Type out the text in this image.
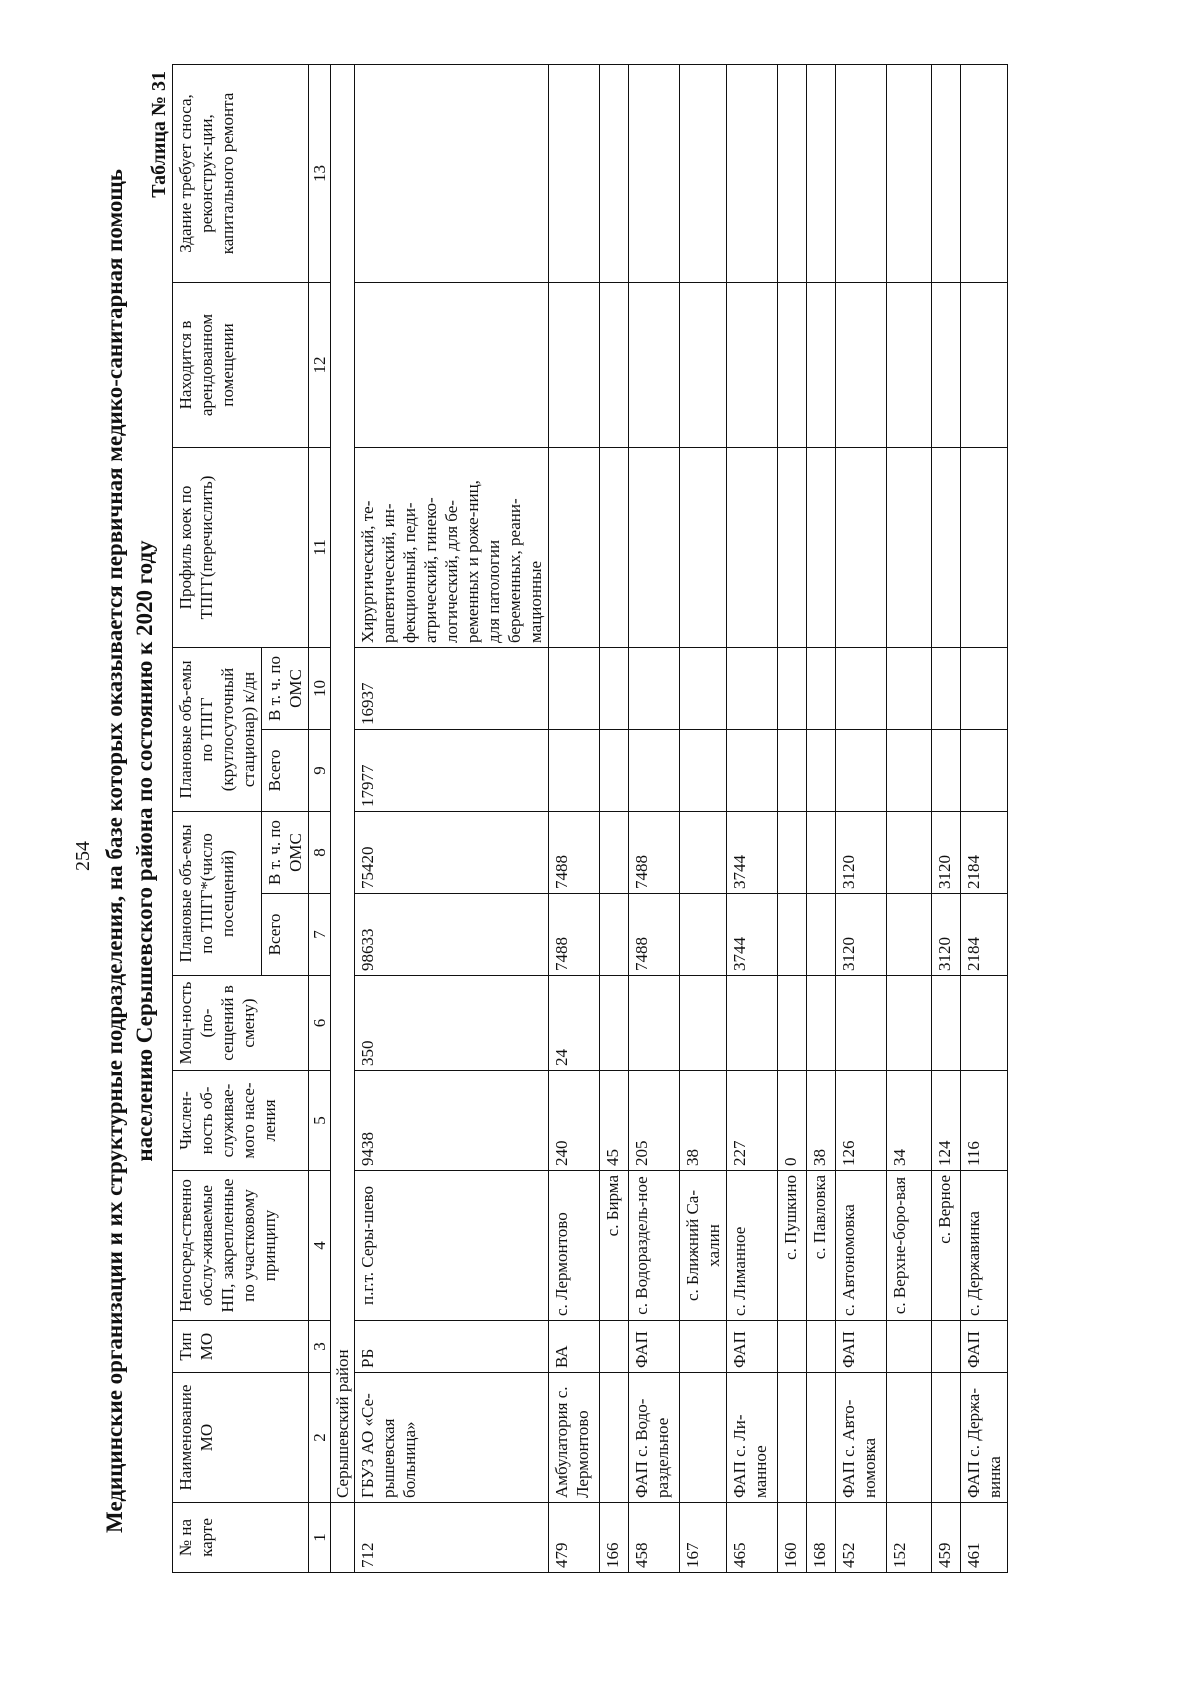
254 Медицинские организации и их структурные подразделения, на базе которых оказывается первичная медико-санитарная помощь населению Серышевского района по состоянию к 2020 году
Таблица № 31
№ на карте	Наименование МО	Тип МО	Непосред-ственно обслу-живаемые НП, закрепленные по участковому принципу	Числен-ность об-служивае-мого насе-ления	Мощ-ность (по-сещений в смену)	Плановые объ-емы по ТПГГ*(число посещений)		Плановые объ-емы по ТПГГ (круглосуточный стационар) к/дн		Профиль коек по ТПГГ(перечислить)	Находится в арендованном помещении	Здание требует сноса, реконструк-ции, капитального ремонта
						Всего	В т. ч. по ОМС	Всего	В т. ч. по ОМС			
1	2	3	4	5	6	7	8	9	10	11	12	13
	Серышевский район											
712	ГБУЗ АО «Се-рышевская больница»	РБ	п.г.т. Серы-шево	9438	350	98633	75420	17977	16937	Хирургический, те-рапевтический, ин-фекционный, педи-атрический, гинеко-логический, для бе-ременных и роже-ниц, для патологии беременных, реани-мационные		
479	Амбулатория с. Лермонтово	ВА	с. Лермонтово	240	24	7488	7488					
166			с. Бирма	45								
458	ФАП с. Водо-раздельное	ФАП	с. Водораздель-ное	205		7488	7488					
167			с. Ближний Са-халин	38								
465	ФАП с. Ли-манное	ФАП	с. Лиманное	227		3744	3744					
160			с. Пушкино	0								
168			с. Павловка	38								
452	ФАП с. Авто-номовка	ФАП	с. Автономовка	126		3120	3120					
152			с. Верхне-боро-вая	34								
459			с. Верное	124		3120	3120					
461	ФАП с. Держа-винка	ФАП	с. Державинка	116		2184	2184					
